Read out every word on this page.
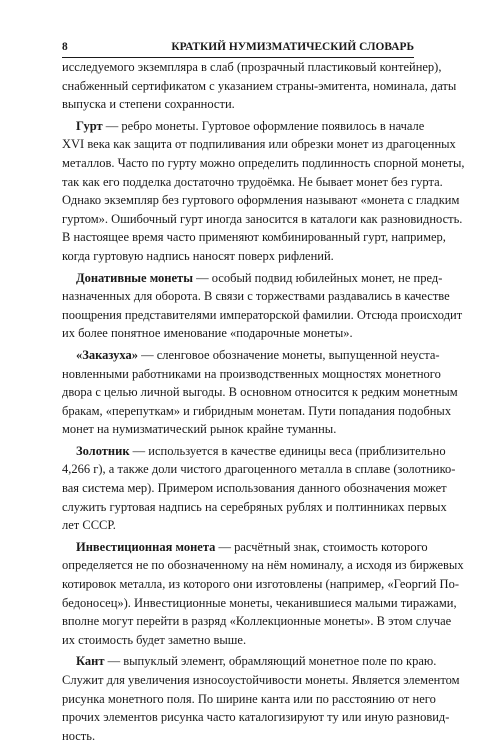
8	КРАТКИЙ НУМИЗМАТИЧЕСКИЙ СЛОВАРЬ
исследуемого экземпляра в слаб (прозрачный пластиковый контейнер),
снабженный сертификатом с указанием страны-эмитента, номинала, даты
выпуска и степени сохранности.
Гурт — ребро монеты. Гуртовое оформление появилось в начале
XVI века как защита от подпиливания или обрезки монет из драгоценных
металлов. Часто по гурту можно определить подлинность спорной монеты,
так как его подделка достаточно трудоёмка. Не бывает монет без гурта.
Однако экземпляр без гуртового оформления называют «монета с гладким
гуртом». Ошибочный гурт иногда заносится в каталоги как разновидность.
В настоящее время часто применяют комбинированный гурт, например,
когда гуртовую надпись наносят поверх рифлений.
Донативные монеты — особый подвид юбилейных монет, не пред-
назначенных для оборота. В связи с торжествами раздавались в качестве
поощрения представителями императорской фамилии. Отсюда происходит
их более понятное именование «подарочные монеты».
«Заказуха» — сленговое обозначение монеты, выпущенной неуста-
новленными работниками на производственных мощностях монетного
двора с целью личной выгоды. В основном относится к редким монетным
бракам, «перепуткам» и гибридным монетам. Пути попадания подобных
монет на нумизматический рынок крайне туманны.
Золотник — используется в качестве единицы веса (приблизительно
4,266 г), а также доли чистого драгоценного металла в сплаве (золотнико-
вая система мер). Примером использования данного обозначения может
служить гуртовая надпись на серебряных рублях и полтинниках первых
лет СССР.
Инвестиционная монета — расчётный знак, стоимость которого
определяется не по обозначенному на нём номиналу, а исходя из биржевых
котировок металла, из которого они изготовлены (например, «Георгий По-
бедоносец»). Инвестиционные монеты, чеканившиеся малыми тиражами,
вполне могут перейти в разряд «Коллекционные монеты». В этом случае
их стоимость будет заметно выше.
Кант — выпуклый элемент, обрамляющий монетное поле по краю.
Служит для увеличения износоустойчивости монеты. Является элементом
рисунка монетного поля. По ширине канта или по расстоянию от него
прочих элементов рисунка часто каталогизируют ту или иную разновид-
ность.
